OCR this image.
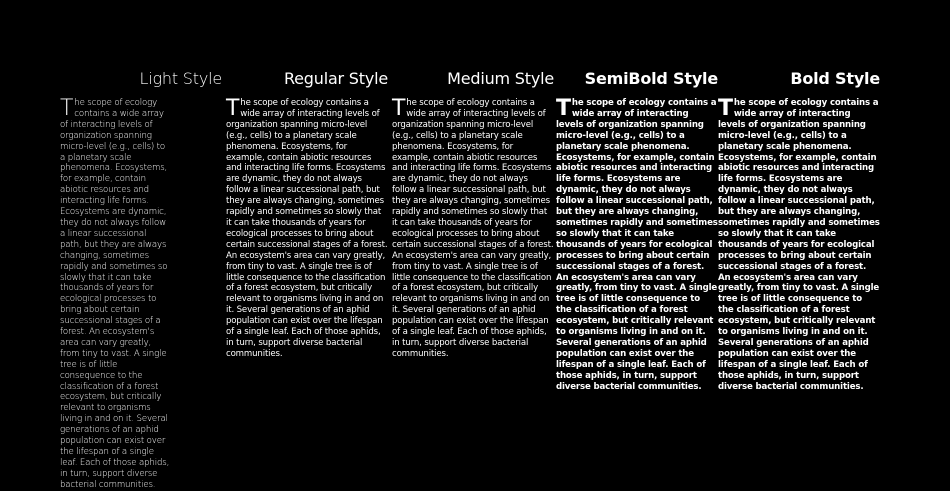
Light Style
The scope of ecology contains a wide array of interacting levels of organization spanning micro-level (e.g., cells) to a planetary scale phenomena. Ecosystems, for example, contain abiotic resources and interacting life forms. Ecosystems are dynamic, they do not always follow a linear successional path, but they are always changing, sometimes rapidly and sometimes so slowly that it can take thousands of years for ecological processes to bring about certain successional stages of a forest. An ecosystem's area can vary greatly, from tiny to vast. A single tree is of little consequence to the classification of a forest ecosystem, but critically relevant to organisms living in and on it. Several generations of an aphid population can exist over the lifespan of a single leaf. Each of those aphids, in turn, support diverse bacterial communities.
Regular Style
The scope of ecology contains a wide array of interacting levels of organization spanning micro-level (e.g., cells) to a planetary scale phenomena. Ecosystems, for example, contain abiotic resources and interacting life forms. Ecosystems are dynamic, they do not always follow a linear successional path, but they are always changing, sometimes rapidly and sometimes so slowly that it can take thousands of years for ecological processes to bring about certain successional stages of a forest. An ecosystem's area can vary greatly, from tiny to vast. A single tree is of little consequence to the classification of a forest ecosystem, but critically relevant to organisms living in and on it. Several generations of an aphid population can exist over the lifespan of a single leaf. Each of those aphids, in turn, support diverse bacterial communities.
Medium Style
The scope of ecology contains a wide array of interacting levels of organization spanning micro-level (e.g., cells) to a planetary scale phenomena. Ecosystems, for example, contain abiotic resources and interacting life forms. Ecosystems are dynamic, they do not always follow a linear successional path, but they are always changing, sometimes rapidly and sometimes so slowly that it can take thousands of years for ecological processes to bring about certain successional stages of a forest. An ecosystem's area can vary greatly, from tiny to vast. A single tree is of little consequence to the classification of a forest ecosystem, but critically relevant to organisms living in and on it. Several generations of an aphid population can exist over the lifespan of a single leaf. Each of those aphids, in turn, support diverse bacterial communities.
SemiBold Style
The scope of ecology contains a wide array of interacting levels of organization spanning micro-level (e.g., cells) to a planetary scale phenomena. Ecosystems, for example, contain abiotic resources and interacting life forms. Ecosystems are dynamic, they do not always follow a linear successional path, but they are always changing, sometimes rapidly and sometimes so slowly that it can take thousands of years for ecological processes to bring about certain successional stages of a forest. An ecosystem's area can vary greatly, from tiny to vast. A single tree is of little consequence to the classification of a forest ecosystem, but critically relevant to organisms living in and on it. Several generations of an aphid population can exist over the lifespan of a single leaf. Each of those aphids, in turn, support diverse bacterial communities.
Bold Style
The scope of ecology contains a wide array of interacting levels of organization spanning micro-level (e.g., cells) to a planetary scale phenomena. Ecosystems, for example, contain abiotic resources and interacting life forms. Ecosystems are dynamic, they do not always follow a linear successional path, but they are always changing, sometimes rapidly and sometimes so slowly that it can take thousands of years for ecological processes to bring about certain successional stages of a forest. An ecosystem's area can vary greatly, from tiny to vast. A single tree is of little consequence to the classification of a forest ecosystem, but critically relevant to organisms living in and on it. Several generations of an aphid population can exist over the lifespan of a single leaf. Each of those aphids, in turn, support diverse bacterial communities.
